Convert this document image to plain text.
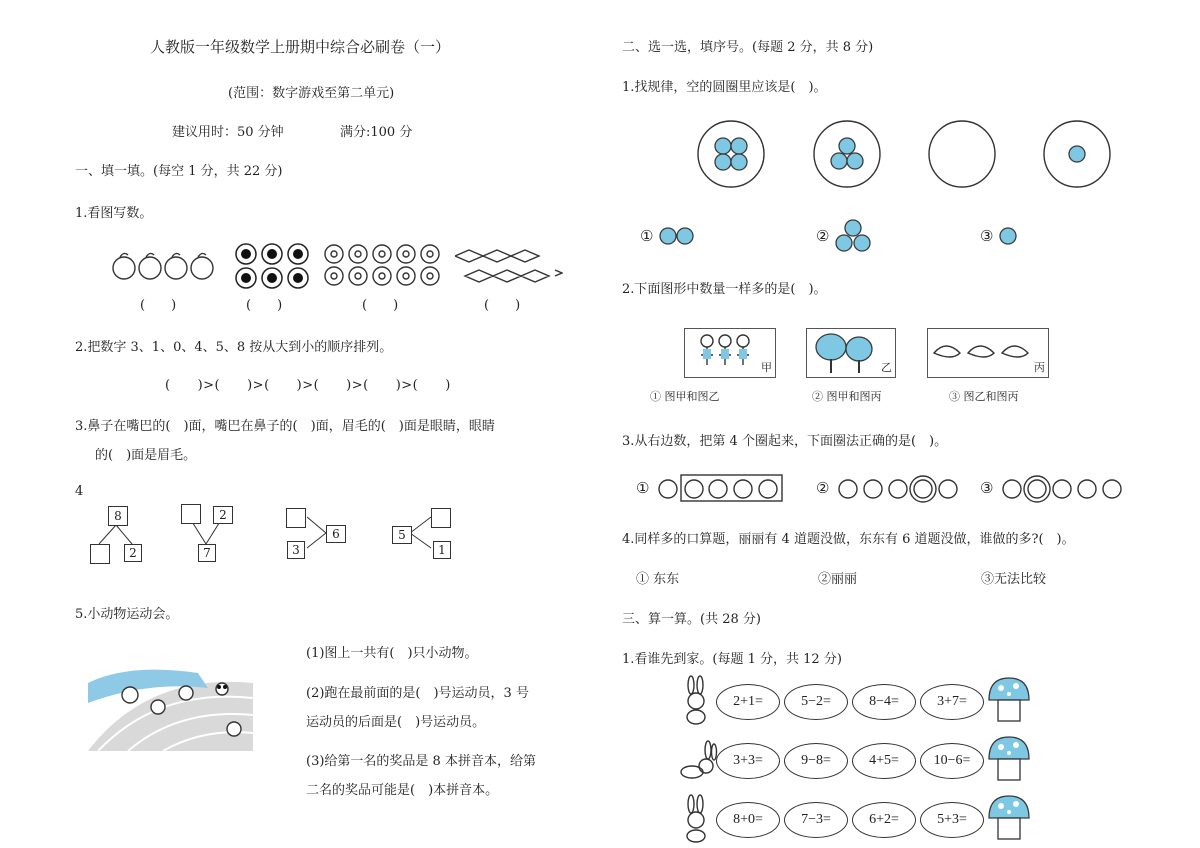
人教版一年级数学上册期中综合必刷卷（一）
(范围：数字游戏至第二单元)
建议用时：50 分钟	满分:100 分
一、填一填。(每空 1 分，共 22 分)
1.看图写数。
(　　)	(　　)	(　　)	(　　)
2.把数字 3、1、0、4、5、8 按从大到小的顺序排列。
(　　)>(　　)>(　　)>(　　)>(　　)>(　　)
3.鼻子在嘴巴的(　)面，嘴巴在鼻子的(　)面，眉毛的(　)面是眼睛，眼睛
的(　)面是眉毛。
4
8
2
2
7	3
6	5
1
5.小动物运动会。
(1)图上一共有(　)只小动物。
(2)跑在最前面的是(　)号运动员，3 号
运动员的后面是(　)号运动员。
(3)给第一名的奖品是 8 本拼音本，给第
二名的奖品可能是(　)本拼音本。
二、选一选，填序号。(每题 2 分，共 8 分)
1.找规律，空的圆圈里应该是(　)。
①	②	③
2.下面图形中数量一样多的是(　)。
甲	乙	丙
① 图甲和图乙	② 图甲和图丙	③ 图乙和图丙
3.从右边数，把第 4 个圈起来，下面圈法正确的是(　)。
①	②	③
4.同样多的口算题，丽丽有 4 道题没做，东东有 6 道题没做，谁做的多?(　)。
① 东东	②丽丽	③无法比较
三、算一算。(共 28 分)
1.看谁先到家。(每题 1 分，共 12 分)
2+1=	5−2=	8−4=	3+7=
3+3=	9−8=	4+5=	10−6=
8+0=	7−3=	6+2=	5+3=
